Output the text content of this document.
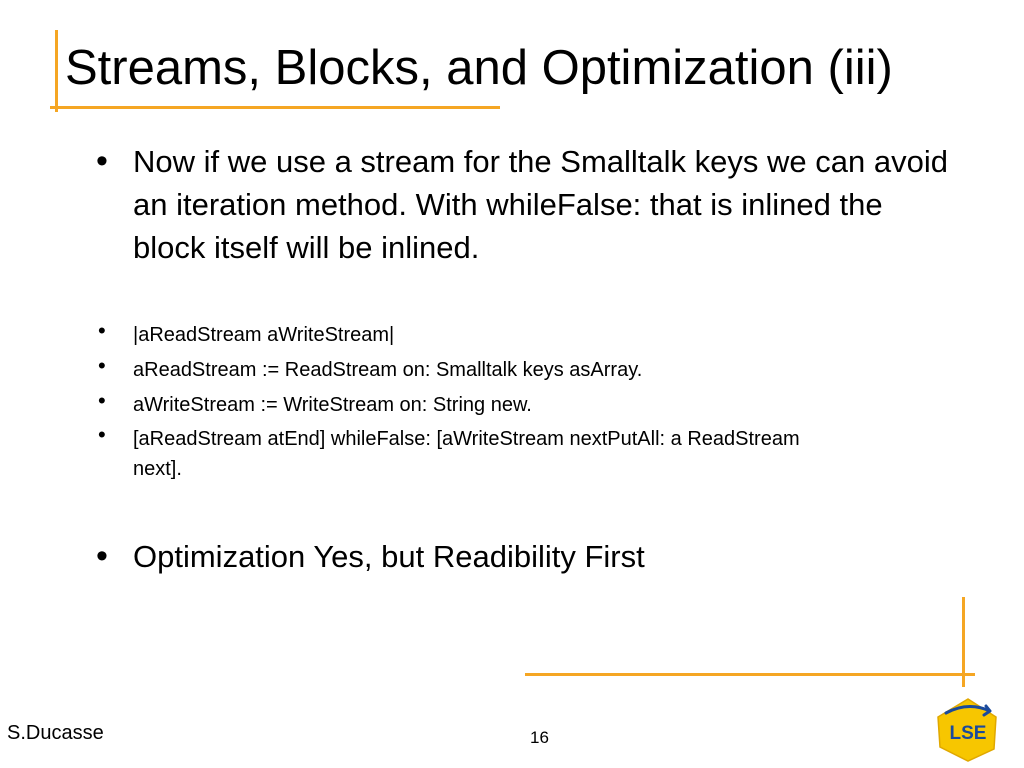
Streams, Blocks, and Optimization (iii)
• Now if we use a stream for the Smalltalk keys we can avoid an iteration method. With whileFalse: that is inlined the block itself will be inlined.
• |aReadStream aWriteStream|
• aReadStream := ReadStream on: Smalltalk keys asArray.
• aWriteStream := WriteStream on: String new.
• [aReadStream atEnd] whileFalse: [aWriteStream nextPutAll: a ReadStream next].
• Optimization Yes, but Readibility First
S.Ducasse	16	LSE
